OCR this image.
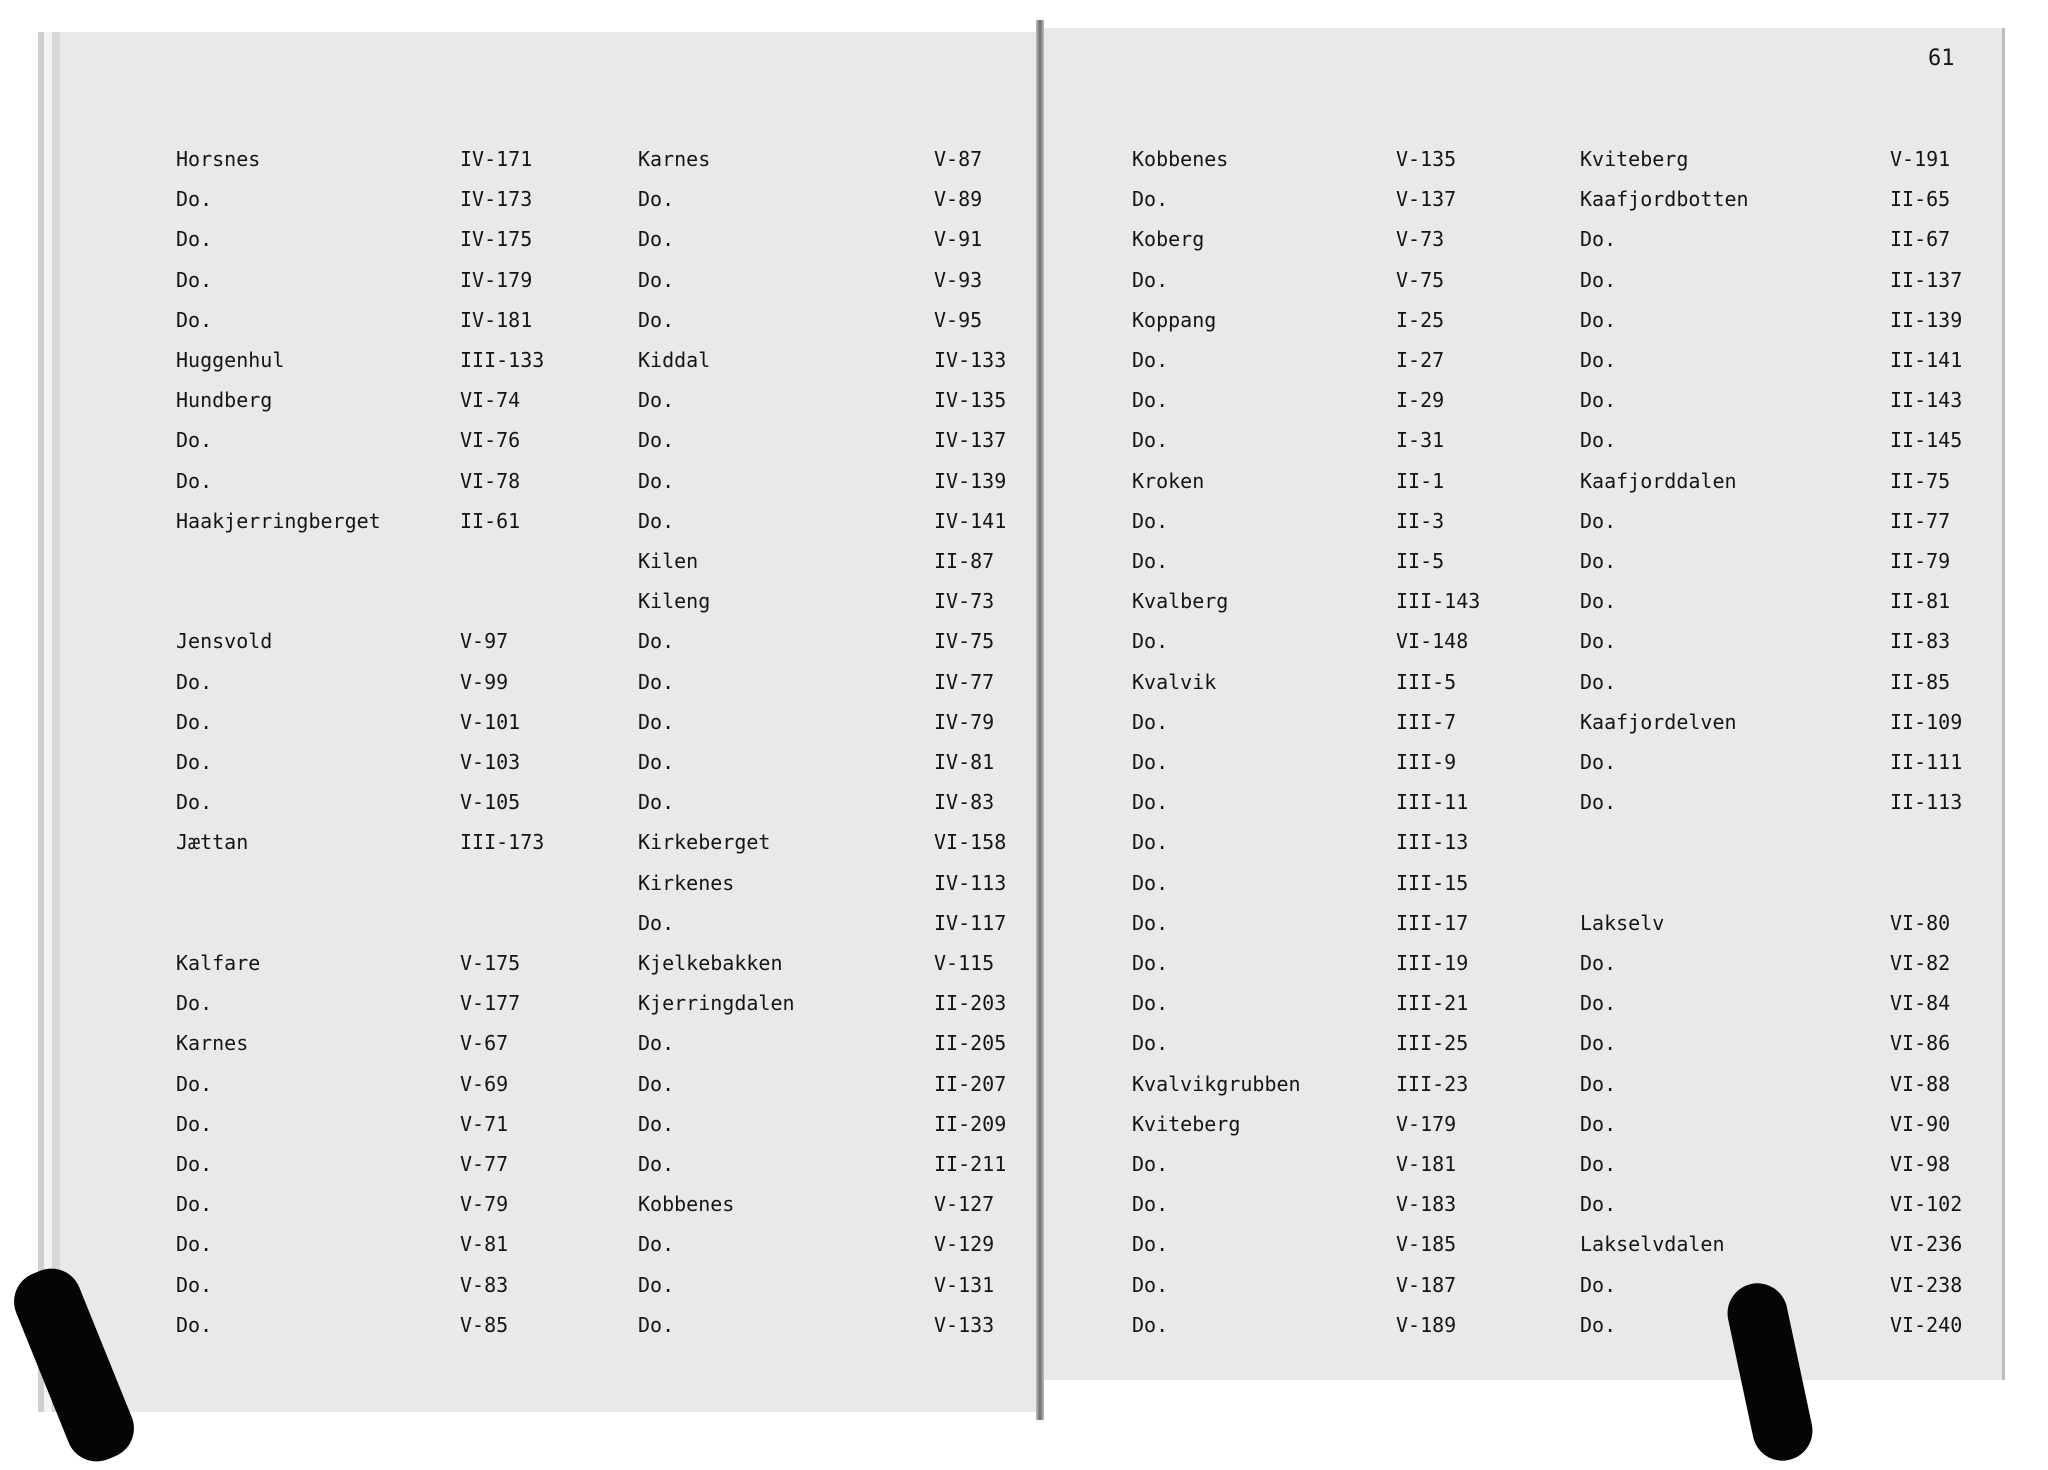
61
Horsnes	IV-171
Do.	IV-173
Do.	IV-175
Do.	IV-179
Do.	IV-181
Huggenhul	III-133
Hundberg	VI-74
Do.	VI-76
Do.	VI-78
Haakjerringberget	II-61
Jensvold	V-97
Do.	V-99
Do.	V-101
Do.	V-103
Do.	V-105
Jættan	III-173
Kalfare	V-175
Do.	V-177
Karnes	V-67
Do.	V-69
Do.	V-71
Do.	V-77
Do.	V-79
Do.	V-81
Do.	V-83
Do.	V-85
Karnes	V-87
Do.	V-89
Do.	V-91
Do.	V-93
Do.	V-95
Kiddal	IV-133
Do.	IV-135
Do.	IV-137
Do.	IV-139
Do.	IV-141
Kilen	II-87
Kileng	IV-73
Do.	IV-75
Do.	IV-77
Do.	IV-79
Do.	IV-81
Do.	IV-83
Kirkeberget	VI-158
Kirkenes	IV-113
Do.	IV-117
Kjelkebakken	V-115
Kjerringdalen	II-203
Do.	II-205
Do.	II-207
Do.	II-209
Do.	II-211
Kobbenes	V-127
Do.	V-129
Do.	V-131
Do.	V-133
Kobbenes	V-135
Do.	V-137
Koberg	V-73
Do.	V-75
Koppang	I-25
Do.	I-27
Do.	I-29
Do.	I-31
Kroken	II-1
Do.	II-3
Do.	II-5
Kvalberg	III-143
Do.	VI-148
Kvalvik	III-5
Do.	III-7
Do.	III-9
Do.	III-11
Do.	III-13
Do.	III-15
Do.	III-17
Do.	III-19
Do.	III-21
Do.	III-25
Kvalvikgrubben	III-23
Kviteberg	V-179
Do.	V-181
Do.	V-183
Do.	V-185
Do.	V-187
Do.	V-189
Kviteberg	V-191
Kaafjordbotten	II-65
Do.	II-67
Do.	II-137
Do.	II-139
Do.	II-141
Do.	II-143
Do.	II-145
Kaafjorddalen	II-75
Do.	II-77
Do.	II-79
Do.	II-81
Do.	II-83
Do.	II-85
Kaafjordelven	II-109
Do.	II-111
Do.	II-113
Lakselv	VI-80
Do.	VI-82
Do.	VI-84
Do.	VI-86
Do.	VI-88
Do.	VI-90
Do.	VI-98
Do.	VI-102
Lakselvdalen	VI-236
Do.	VI-238
Do.	VI-240
